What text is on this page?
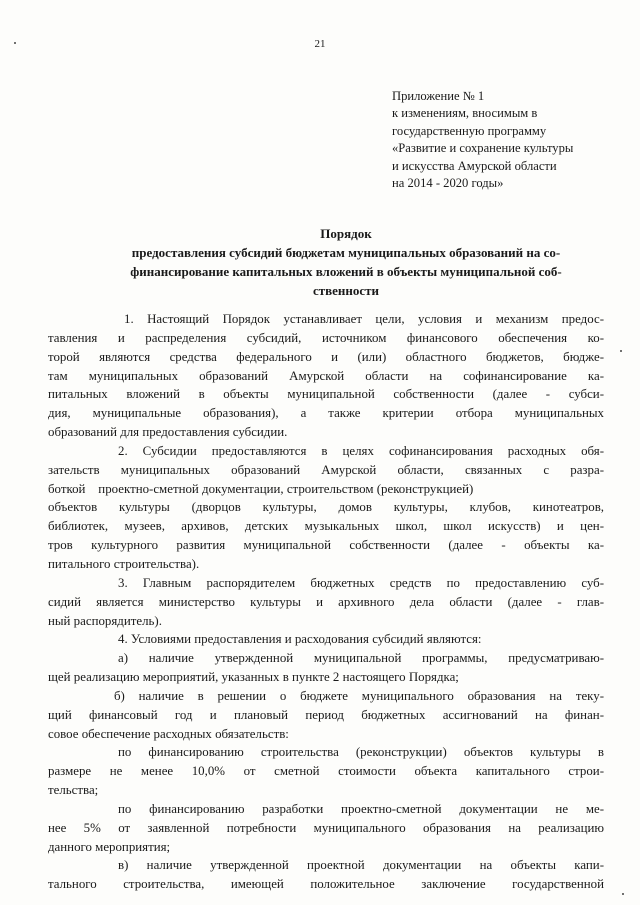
21
Приложение № 1
к изменениям, вносимым в
государственную программу
«Развитие и сохранение культуры
и искусства Амурской области
на 2014 - 2020 годы»
Порядок
предоставления субсидий бюджетам муниципальных образований на со-
финансирование капитальных вложений в объекты муниципальной соб-
ственности
1. Настоящий Порядок устанавливает цели, условия и механизм предос-
тавления и распределения субсидий, источником финансового обеспечения ко-
торой являются средства федерального и (или) областного бюджетов, бюдже-
там муниципальных образований Амурской области на софинансирование ка-
питальных вложений в объекты муниципальной собственности (далее - субси-
дия, муниципальные образования), а также критерии отбора муниципальных
образований для предоставления субсидии.
2. Субсидии предоставляются в целях софинансирования расходных обя-
зательств муниципальных образований Амурской области, связанных с разра-
боткой    проектно-сметной документации, строительством (реконструкцией)
объектов культуры (дворцов культуры, домов культуры, клубов, кинотеатров,
библиотек, музеев, архивов, детских музыкальных школ, школ искусств) и цен-
тров культурного развития муниципальной собственности (далее - объекты ка-
питального строительства).
3. Главным распорядителем бюджетных средств по предоставлению суб-
сидий является министерство культуры и архивного дела области (далее - глав-
ный распорядитель).
4. Условиями предоставления и расходования субсидий являются:
а) наличие утвержденной муниципальной программы, предусматриваю-
щей реализацию мероприятий, указанных в пункте 2 настоящего Порядка;
б) наличие в решении о бюджете муниципального образования на теку-
щий финансовый год и плановый период бюджетных ассигнований на финан-
совое обеспечение расходных обязательств:
по финансированию строительства (реконструкции) объектов культуры в
размере не менее 10,0% от сметной стоимости объекта капитального строи-
тельства;
по финансированию разработки проектно-сметной документации не ме-
нее 5% от заявленной потребности муниципального образования на реализацию
данного мероприятия;
в) наличие утвержденной проектной документации на объекты капи-
тального строительства, имеющей положительное заключение государственной
